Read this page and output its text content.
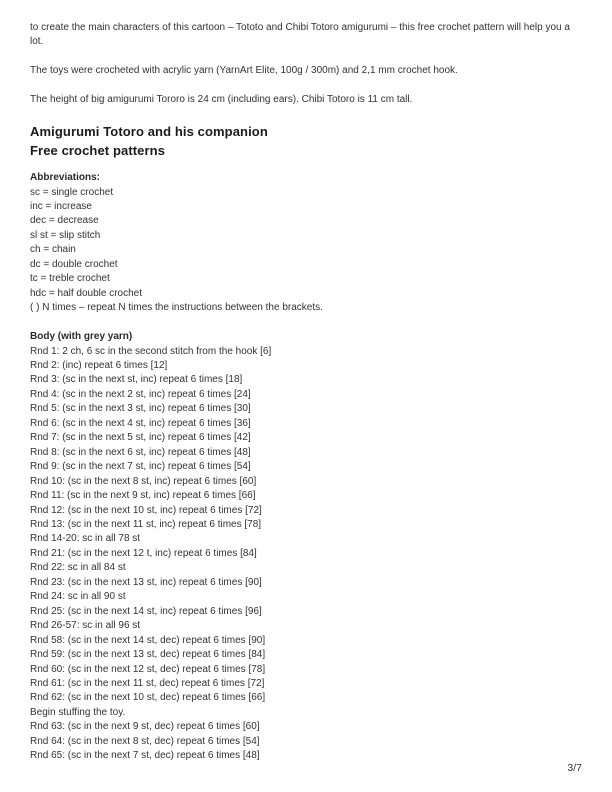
to create the main characters of this cartoon – Tototo and Chibi Totoro amigurumi – this free crochet pattern will help you a lot.

The toys were crocheted with acrylic yarn (YarnArt Elite, 100g / 300m) and 2,1 mm crochet hook.

The height of big amigurumi Tororo is 24 cm (including ears). Chibi Totoro is 11 cm tall.

Amigurumi Totoro and his companion
Free crochet patterns
Abbreviations:
sc = single crochet
inc = increase
dec = decrease
sl st = slip stitch
ch = chain
dc = double crochet
tc = treble crochet
hdc = half double crochet
( ) N times – repeat N times the instructions between the brackets.
Body (with grey yarn)
Rnd 1: 2 ch, 6 sc in the second stitch from the hook [6]
Rnd 2: (inc) repeat 6 times [12]
Rnd 3: (sc in the next st, inc) repeat 6 times [18]
Rnd 4: (sc in the next 2 st, inc) repeat 6 times [24]
Rnd 5: (sc in the next 3 st, inc) repeat 6 times [30]
Rnd 6: (sc in the next 4 st, inc) repeat 6 times [36]
Rnd 7: (sc in the next 5 st, inc) repeat 6 times [42]
Rnd 8: (sc in the next 6 st, inc) repeat 6 times [48]
Rnd 9: (sc in the next 7 st, inc) repeat 6 times [54]
Rnd 10: (sc in the next 8 st, inc) repeat 6 times [60]
Rnd 11: (sc in the next 9 st, inc) repeat 6 times [66]
Rnd 12: (sc in the next 10 st, inc) repeat 6 times [72]
Rnd 13: (sc in the next 11 st, inc) repeat 6 times [78]
Rnd 14-20: sc in all 78 st
Rnd 21: (sc in the next 12 t, inc) repeat 6 times [84]
Rnd 22: sc in all 84 st
Rnd 23: (sc in the next 13 st, inc) repeat 6 times [90]
Rnd 24: sc in all 90 st
Rnd 25: (sc in the next 14 st, inc) repeat 6 times [96]
Rnd 26-57: sc in all 96 st
Rnd 58: (sc in the next 14 st, dec) repeat 6 times [90]
Rnd 59: (sc in the next 13 st, dec) repeat 6 times [84]
Rnd 60: (sc in the next 12 st, dec) repeat 6 times [78]
Rnd 61: (sc in the next 11 st, dec) repeat 6 times [72]
Rnd 62: (sc in the next 10 st, dec) repeat 6 times [66]
Begin stuffing the toy.
Rnd 63: (sc in the next 9 st, dec) repeat 6 times [60]
Rnd 64: (sc in the next 8 st, dec) repeat 6 times [54]
Rnd 65: (sc in the next 7 st, dec) repeat 6 times [48]
3/7
